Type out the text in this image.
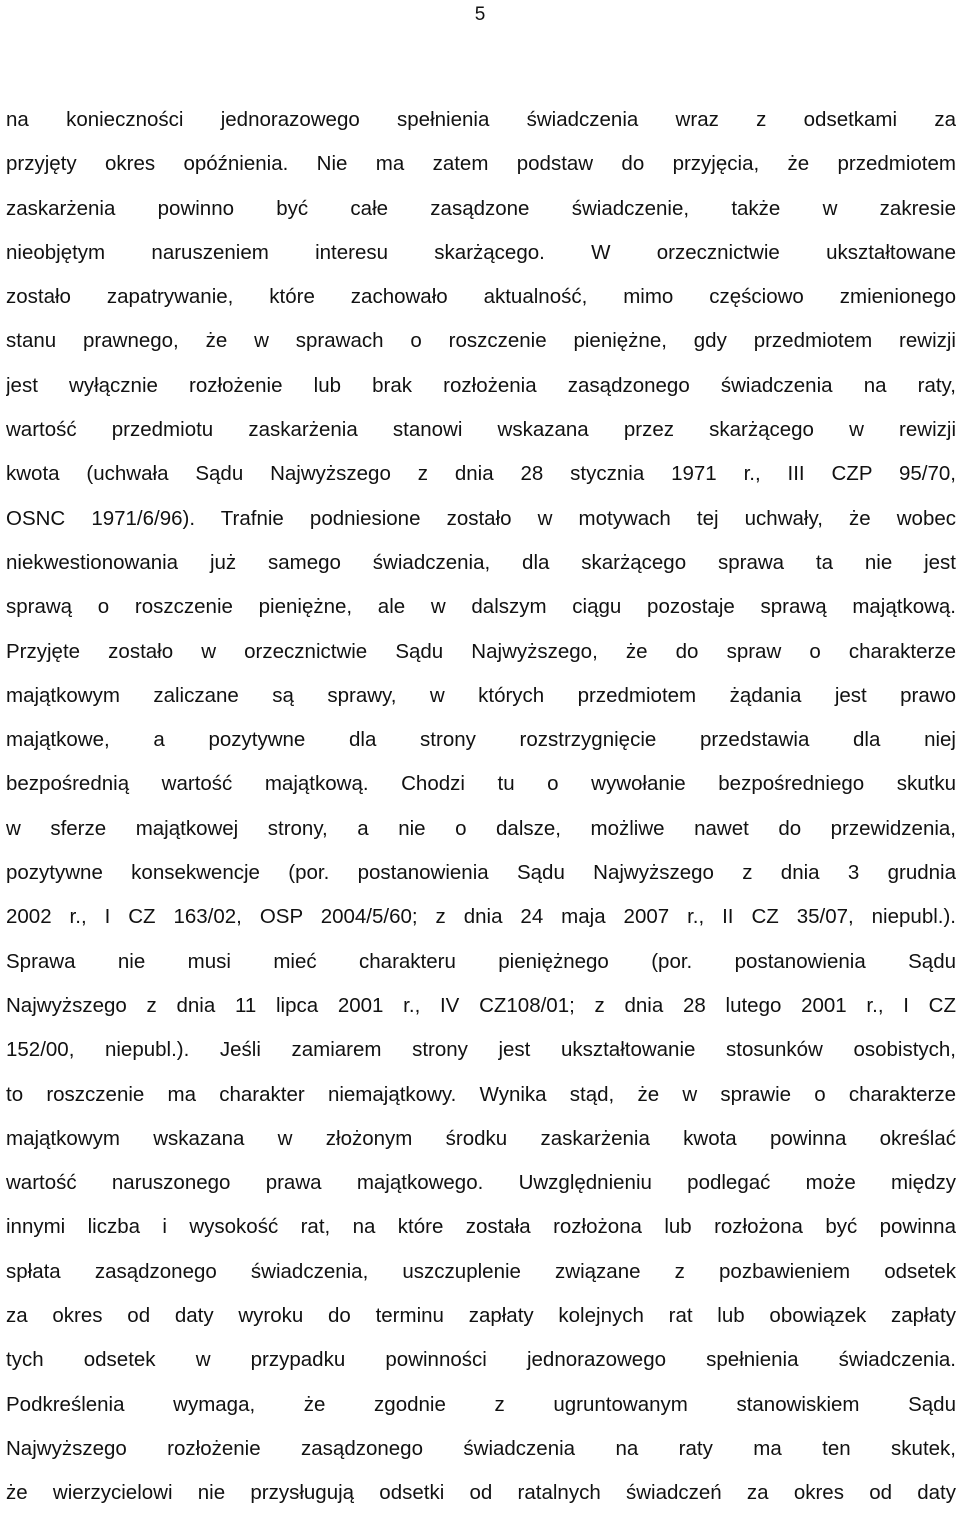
5
na konieczności jednorazowego spełnienia świadczenia wraz z odsetkami za
przyjęty okres opóźnienia. Nie ma zatem podstaw do przyjęcia, że przedmiotem
zaskarżenia powinno być całe zasądzone świadczenie, także w zakresie
nieobjętym naruszeniem interesu skarżącego. W orzecznictwie ukształtowane
zostało zapatrywanie, które zachowało aktualność, mimo częściowo zmienionego
stanu prawnego, że w sprawach o roszczenie pieniężne, gdy przedmiotem rewizji
jest wyłącznie rozłożenie lub brak rozłożenia zasądzonego świadczenia na raty,
wartość przedmiotu zaskarżenia stanowi wskazana przez skarżącego w rewizji
kwota (uchwała Sądu Najwyższego z dnia 28 stycznia 1971 r., III CZP 95/70,
OSNC 1971/6/96). Trafnie podniesione zostało w motywach tej uchwały, że wobec
niekwestionowania już samego świadczenia, dla skarżącego sprawa ta nie jest
sprawą o roszczenie pieniężne, ale w dalszym ciągu pozostaje sprawą majątkową.
Przyjęte zostało w orzecznictwie Sądu Najwyższego, że do spraw o charakterze
majątkowym zaliczane są sprawy, w których przedmiotem żądania jest prawo
majątkowe, a pozytywne dla strony rozstrzygnięcie przedstawia dla niej
bezpośrednią wartość majątkową. Chodzi tu o wywołanie bezpośredniego skutku
w sferze majątkowej strony, a nie o dalsze, możliwe nawet do przewidzenia,
pozytywne konsekwencje (por. postanowienia Sądu Najwyższego z dnia 3 grudnia
2002 r., I CZ 163/02, OSP 2004/5/60; z dnia 24 maja 2007 r., II CZ 35/07, niepubl.).
Sprawa nie musi mieć charakteru pieniężnego (por. postanowienia Sądu
Najwyższego z dnia 11 lipca 2001 r., IV CZ108/01; z dnia 28 lutego 2001 r., I CZ
152/00, niepubl.). Jeśli zamiarem strony jest ukształtowanie stosunków osobistych,
to roszczenie ma charakter niemajątkowy. Wynika stąd, że w sprawie o charakterze
majątkowym wskazana w złożonym środku zaskarżenia kwota powinna określać
wartość naruszonego prawa majątkowego. Uwzględnieniu podlegać może między
innymi liczba i wysokość rat, na które została rozłożona lub rozłożona być powinna
spłata zasądzonego świadczenia, uszczuplenie związane z pozbawieniem odsetek
za okres od daty wyroku do terminu zapłaty kolejnych rat lub obowiązek zapłaty
tych odsetek w przypadku powinności jednorazowego spełnienia świadczenia.
Podkreślenia wymaga, że zgodnie z ugruntowanym stanowiskiem Sądu
Najwyższego rozłożenie zasądzonego świadczenia na raty ma ten skutek,
że wierzycielowi nie przysługują odsetki od ratalnych świadczeń za okres od daty
